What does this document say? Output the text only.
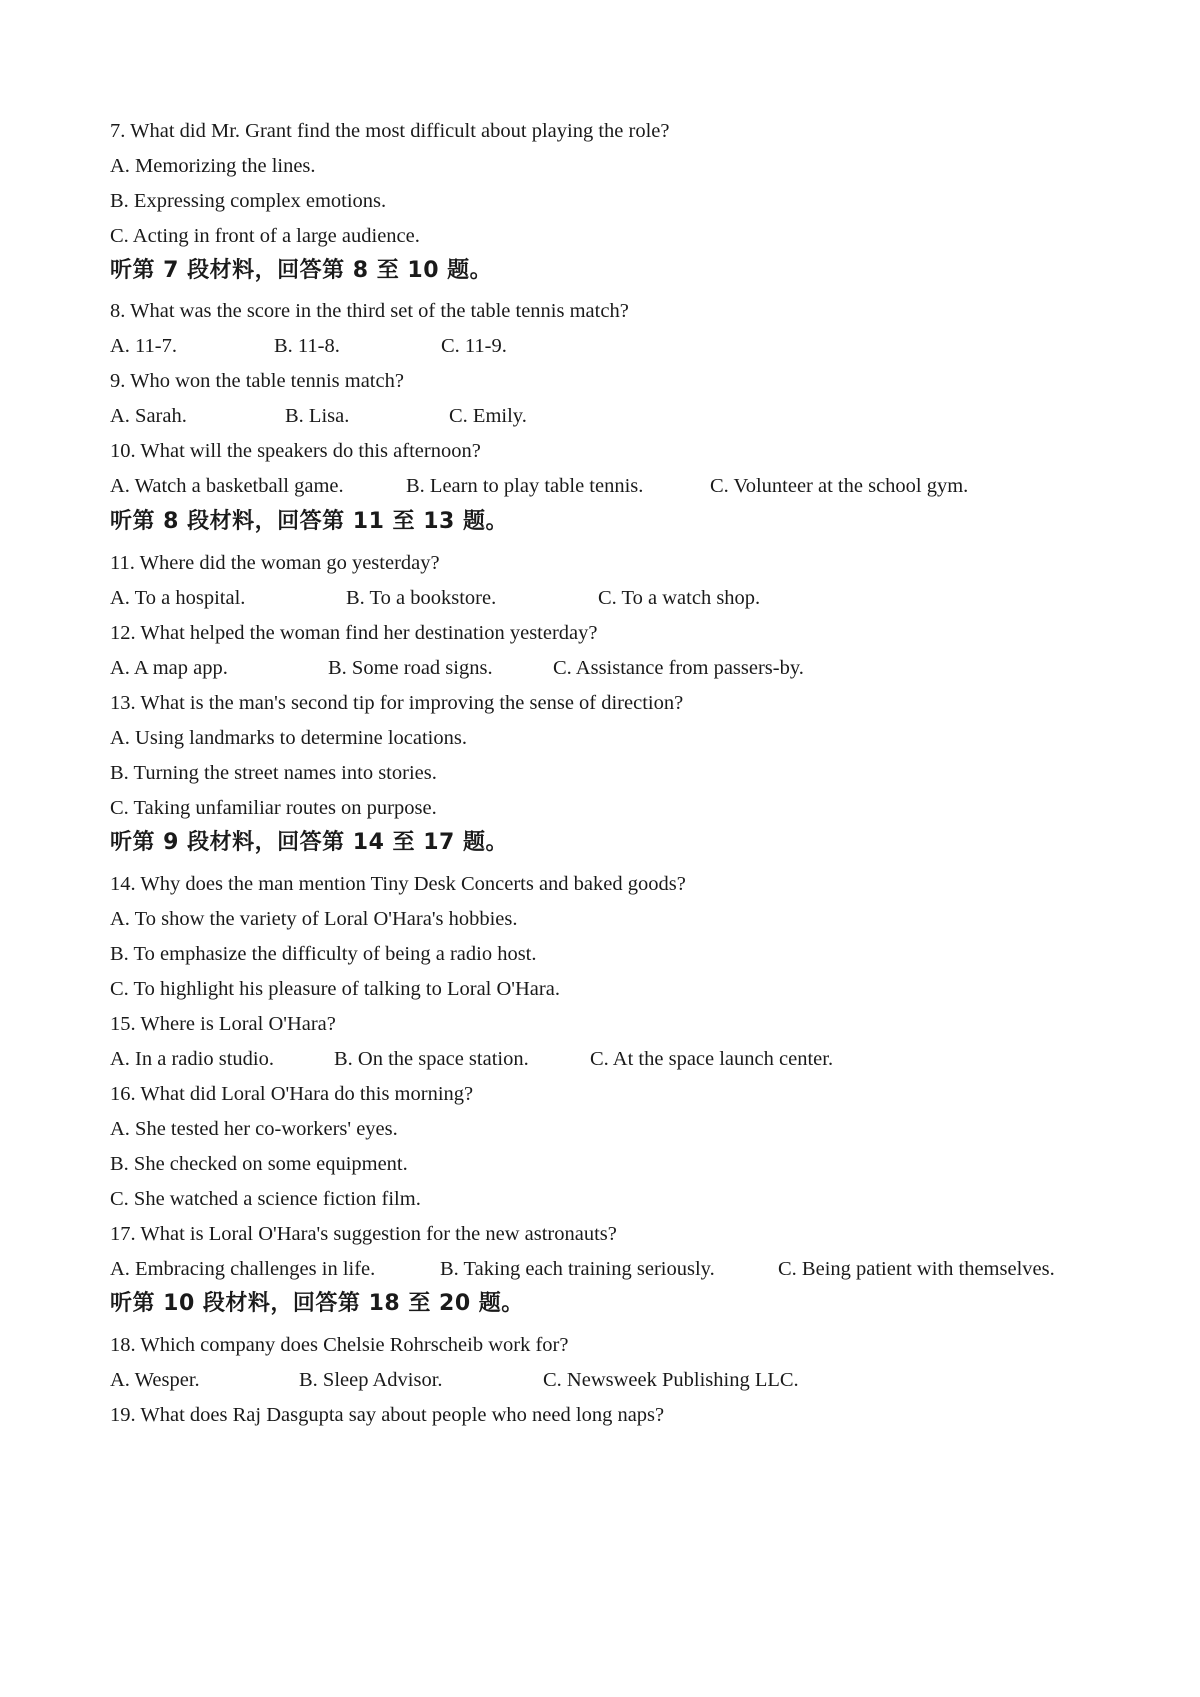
7. What did Mr. Grant find the most difficult about playing the role?
A. Memorizing the lines.
B. Expressing complex emotions.
C. Acting in front of a large audience.
听第 7 段材料，回答第 8 至 10 题。
8. What was the score in the third set of the table tennis match?
A. 11-7.	B. 11-8.	C. 11-9.
9. Who won the table tennis match?
A. Sarah.	B. Lisa.	C. Emily.
10. What will the speakers do this afternoon?
A. Watch a basketball game.	B. Learn to play table tennis.	C. Volunteer at the school gym.
听第 8 段材料，回答第 11 至 13 题。
11. Where did the woman go yesterday?
A. To a hospital.	B. To a bookstore.	C. To a watch shop.
12. What helped the woman find her destination yesterday?
A. A map app.	B. Some road signs.	C. Assistance from passers-by.
13. What is the man's second tip for improving the sense of direction?
A. Using landmarks to determine locations.
B. Turning the street names into stories.
C. Taking unfamiliar routes on purpose.
听第 9 段材料，回答第 14 至 17 题。
14. Why does the man mention Tiny Desk Concerts and baked goods?
A. To show the variety of Loral O'Hara's hobbies.
B. To emphasize the difficulty of being a radio host.
C. To highlight his pleasure of talking to Loral O'Hara.
15. Where is Loral O'Hara?
A. In a radio studio.	B. On the space station.	C. At the space launch center.
16. What did Loral O'Hara do this morning?
A. She tested her co-workers' eyes.
B. She checked on some equipment.
C. She watched a science fiction film.
17. What is Loral O'Hara's suggestion for the new astronauts?
A. Embracing challenges in life.	B. Taking each training seriously.	C. Being patient with themselves.
听第 10 段材料，回答第 18 至 20 题。
18. Which company does Chelsie Rohrscheib work for?
A. Wesper.	B. Sleep Advisor.	C. Newsweek Publishing LLC.
19. What does Raj Dasgupta say about people who need long naps?
